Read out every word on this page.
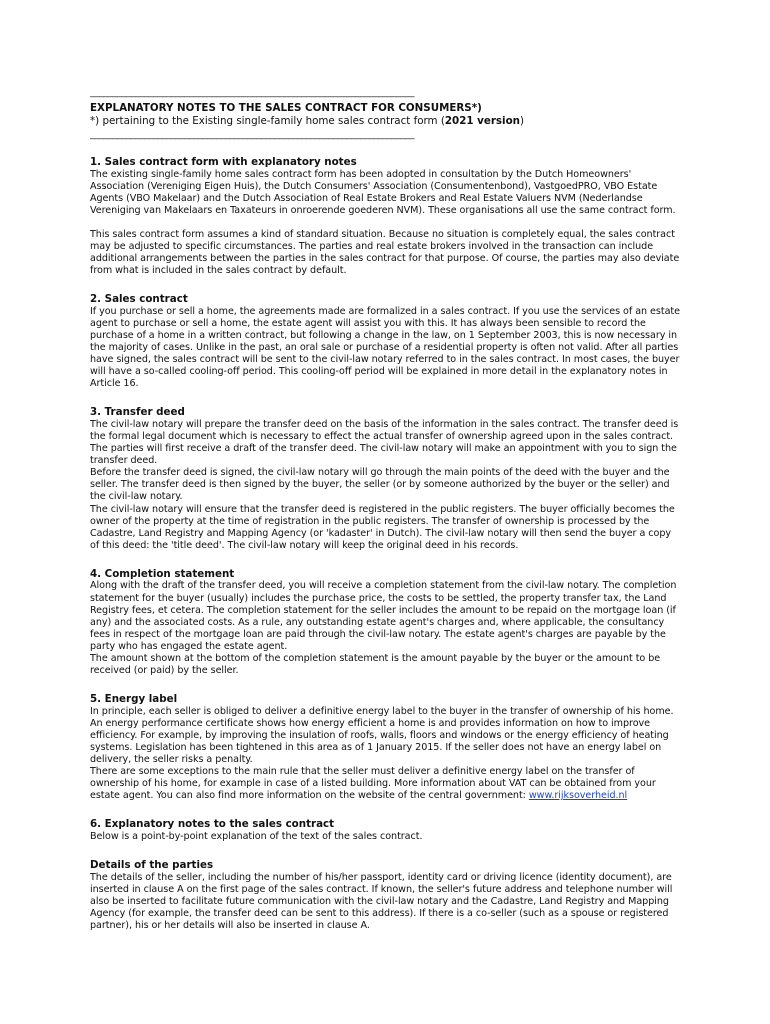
________________________________________________________________________
EXPLANATORY NOTES TO THE SALES CONTRACT FOR CONSUMERS*)
*) pertaining to the Existing single-family home sales contract form (2021 version)
________________________________________________________________________
1. Sales contract form with explanatory notes

The existing single-family home sales contract form has been adopted in consultation by the Dutch Homeowners' Association (Vereniging Eigen Huis), the Dutch Consumers' Association (Consumentenbond), VastgoedPRO, VBO Estate Agents (VBO Makelaar) and the Dutch Association of Real Estate Brokers and Real Estate Valuers NVM (Nederlandse Vereniging van Makelaars en Taxateurs in onroerende goederen NVM). These organisations all use the same contract form.

This sales contract form assumes a kind of standard situation. Because no situation is completely equal, the sales contract may be adjusted to specific circumstances. The parties and real estate brokers involved in the transaction can include additional arrangements between the parties in the sales contract for that purpose. Of course, the parties may also deviate from what is included in the sales contract by default.

2. Sales contract

If you purchase or sell a home, the agreements made are formalized in a sales contract. If you use the services of an estate agent to purchase or sell a home, the estate agent will assist you with this. It has always been sensible to record the purchase of a home in a written contract, but following a change in the law, on 1 September 2003, this is now necessary in the majority of cases. Unlike in the past, an oral sale or purchase of a residential property is often not valid. After all parties have signed, the sales contract will be sent to the civil-law notary referred to in the sales contract. In most cases, the buyer will have a so-called cooling-off period. This cooling-off period will be explained in more detail in the explanatory notes in Article 16.

3. Transfer deed

The civil-law notary will prepare the transfer deed on the basis of the information in the sales contract. The transfer deed is the formal legal document which is necessary to effect the actual transfer of ownership agreed upon in the sales contract. The parties will first receive a draft of the transfer deed. The civil-law notary will make an appointment with you to sign the transfer deed.

Before the transfer deed is signed, the civil-law notary will go through the main points of the deed with the buyer and the seller. The transfer deed is then signed by the buyer, the seller (or by someone authorized by the buyer or the seller) and the civil-law notary.

The civil-law notary will ensure that the transfer deed is registered in the public registers. The buyer officially becomes the owner of the property at the time of registration in the public registers. The transfer of ownership is processed by the Cadastre, Land Registry and Mapping Agency (or 'kadaster' in Dutch). The civil-law notary will then send the buyer a copy of this deed: the 'title deed'. The civil-law notary will keep the original deed in his records.

4. Completion statement

Along with the draft of the transfer deed, you will receive a completion statement from the civil-law notary. The completion statement for the buyer (usually) includes the purchase price, the costs to be settled, the property transfer tax, the Land Registry fees, et cetera. The completion statement for the seller includes the amount to be repaid on the mortgage loan (if any) and the associated costs. As a rule, any outstanding estate agent's charges and, where applicable, the consultancy fees in respect of the mortgage loan are paid through the civil-law notary. The estate agent's charges are payable by the party who has engaged the estate agent.

The amount shown at the bottom of the completion statement is the amount payable by the buyer or the amount to be received (or paid) by the seller.

5. Energy label

In principle, each seller is obliged to deliver a definitive energy label to the buyer in the transfer of ownership of his home. An energy performance certificate shows how energy efficient a home is and provides information on how to improve efficiency. For example, by improving the insulation of roofs, walls, floors and windows or the energy efficiency of heating systems. Legislation has been tightened in this area as of 1 January 2015. If the seller does not have an energy label on delivery, the seller risks a penalty.

There are some exceptions to the main rule that the seller must deliver a definitive energy label on the transfer of ownership of his home, for example in case of a listed building. More information about VAT can be obtained from your estate agent. You can also find more information on the website of the central government: www.rijksoverheid.nl

6. Explanatory notes to the sales contract

Below is a point-by-point explanation of the text of the sales contract.

Details of the parties

The details of the seller, including the number of his/her passport, identity card or driving licence (identity document), are inserted in clause A on the first page of the sales contract. If known, the seller's future address and telephone number will also be inserted to facilitate future communication with the civil-law notary and the Cadastre, Land Registry and Mapping Agency (for example, the transfer deed can be sent to this address). If there is a co-seller (such as a spouse or registered partner), his or her details will also be inserted in clause A.
